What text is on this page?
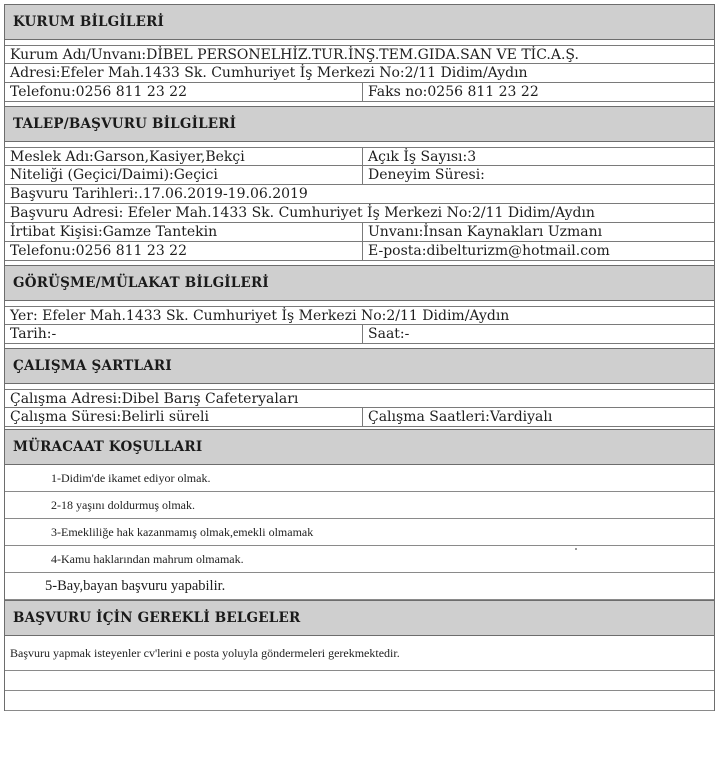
KURUM BİLGİLERİ
Kurum Adı/Unvanı:DİBEL PERSONELHİZ.TUR.İNŞ.TEM.GIDA.SAN VE TİC.A.Ş.
Adresi:Efeler Mah.1433 Sk. Cumhuriyet İş Merkezi No:2/11 Didim/Aydın
Telefonu:0256 811 23 22	Faks no:0256 811 23 22
TALEP/BAŞVURU BİLGİLERİ
Meslek Adı:Garson,Kasiyer,Bekçi	Açık İş Sayısı:3
Niteliği (Geçici/Daimi):Geçici	Deneyim Süresi:
Başvuru Tarihleri:.17.06.2019-19.06.2019
Başvuru Adresi: Efeler Mah.1433 Sk. Cumhuriyet İş Merkezi No:2/11 Didim/Aydın
İrtibat Kişisi:Gamze Tantekin	Unvanı:İnsan Kaynakları Uzmanı
Telefonu:0256 811 23 22	E-posta:dibelturizm@hotmail.com
GÖRÜŞME/MÜLAKAT BİLGİLERİ
Yer: Efeler Mah.1433 Sk. Cumhuriyet İş Merkezi No:2/11 Didim/Aydın
Tarih:-	Saat:-
ÇALIŞMA ŞARTLARI
Çalışma Adresi:Dibel Barış Cafeteryaları
Çalışma Süresi:Belirli süreli	Çalışma Saatleri:Vardiyalı
MÜRACAAT KOŞULLARI
1-Didim'de ikamet ediyor olmak.
2-18 yaşını doldurmuş olmak.
3-Emekliliğe hak kazanmamış olmak,emekli olmamak
4-Kamu haklarından mahrum olmamak.
5-Bay,bayan başvuru yapabilir.
BAŞVURU İÇİN GEREKLİ BELGELER
Başvuru yapmak isteyenler cv'lerini e posta yoluyla göndermeleri gerekmektedir.
